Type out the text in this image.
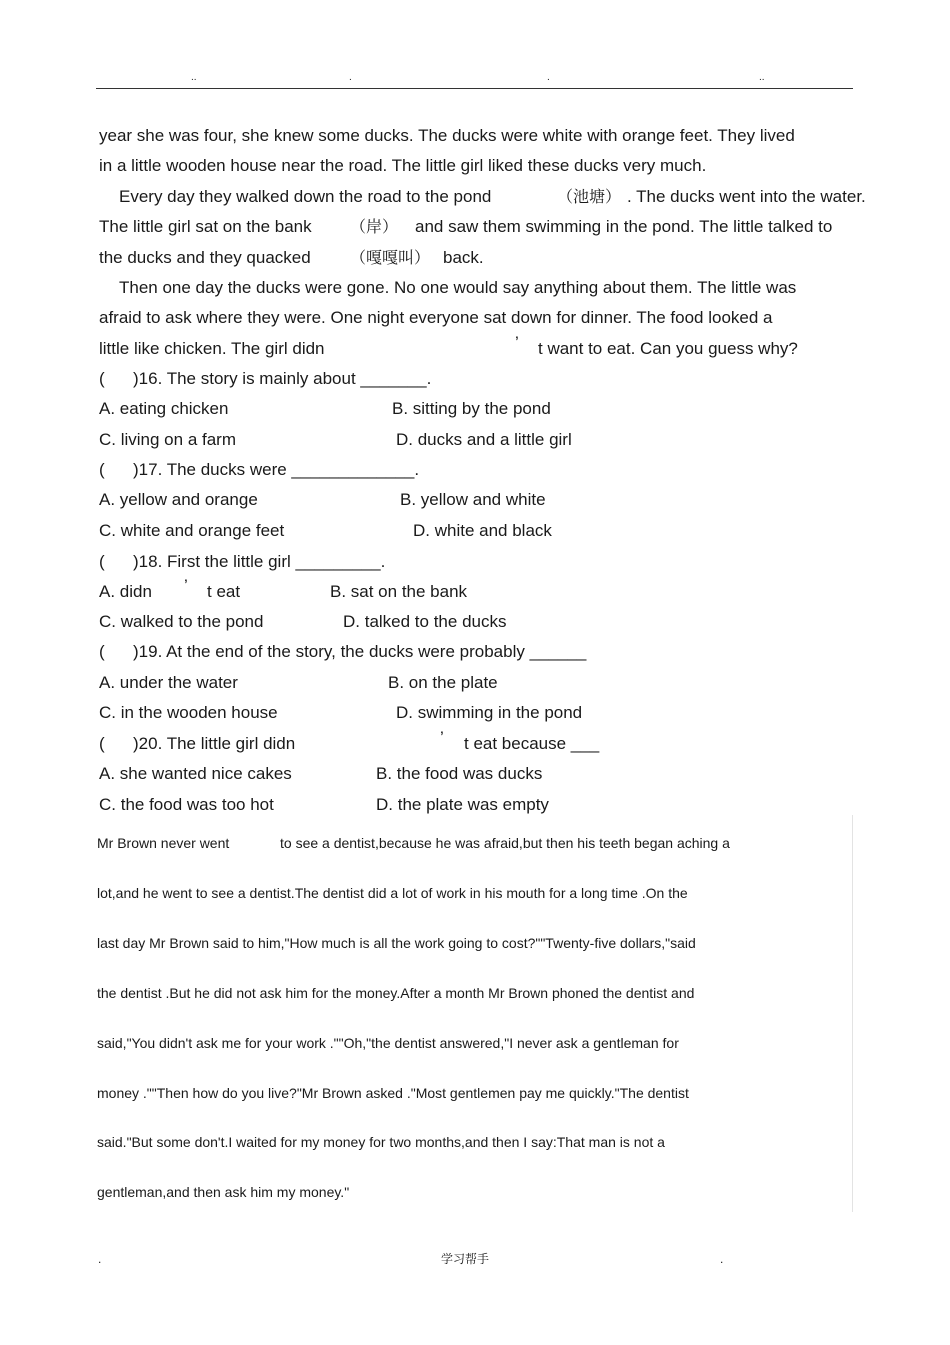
..	.	.	..
year she was four, she knew some ducks. The ducks were white with orange feet. They lived
in a little wooden house near the road. The little girl liked these ducks very much.
Every day they walked down the road to the pond	（池塘） . The ducks went into the water.
The little girl sat on the bank （岸） and saw them swimming in the pond. The little talked to
the ducks and they quacked （嘎嘎叫） back.
Then one day the ducks were gone. No one would say anything about them. The little was
afraid to ask where they were. One night everyone sat down for dinner. The food looked a
little like chicken. The girl didn	’ t want to eat. Can you guess why?
(      )16. The story is mainly about _______.
A. eating chicken	B. sitting by the pond
C. living on a farm	D. ducks and a little girl
(      )17. The ducks were _____________.
A. yellow and orange	B. yellow and white
C. white and orange feet	D. white and black
(      )18. First the little girl _________.
A. didn ’ t eat	B. sat on the bank
C. walked to the pond	D. talked to the ducks
(      )19. At the end of the story, the ducks were probably ______
A. under the water	B. on the plate
C. in the wooden house	D. swimming in the pond
(      )20. The little girl didn	’ t eat because ___
A. she wanted nice cakes	B. the food was ducks
C. the food was too hot	D. the plate was empty
Mr Brown never went	to see a dentist,because he was afraid,but then his teeth began aching a
lot,and he went to see a dentist.The dentist did a lot of work in his mouth for a long time .On the
last day Mr Brown said to him,"How much is all the work going to cost?""Twenty-five dollars,"said
the dentist .But he did not ask him for the money.After a month Mr Brown phoned the dentist and
said,"You didn't ask me for your work .""Oh,"the dentist answered,"I never ask a gentleman for
money .""Then how do you live?"Mr Brown asked ."Most gentlemen pay me quickly."The dentist
said."But some don't.I waited for my money for two months,and then I say:That man is not a
gentleman,and then ask him my money."
.	学习帮手	.
